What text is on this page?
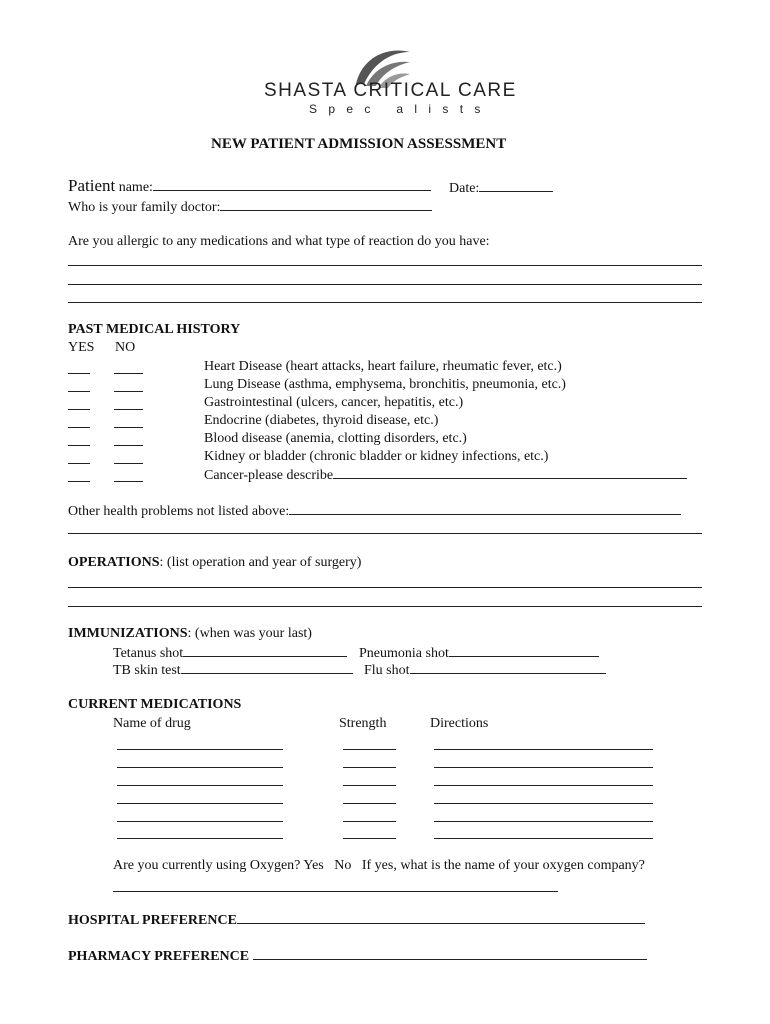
SHASTA CRITICAL CARE
S p e c   a l i s t s
NEW PATIENT ADMISSION ASSESSMENT
Patient name:	Date:
Who is your family doctor:
Are you allergic to any medications and what type of reaction do you have:
PAST MEDICAL HISTORY
YES NO
Heart Disease (heart attacks, heart failure, rheumatic fever, etc.)
Lung Disease (asthma, emphysema, bronchitis, pneumonia, etc.)
Gastrointestinal (ulcers, cancer, hepatitis, etc.)
Endocrine (diabetes, thyroid disease, etc.)
Blood disease (anemia, clotting disorders, etc.)
Kidney or bladder (chronic bladder or kidney infections, etc.)
Cancer-please describe
Other health problems not listed above:
OPERATIONS: (list operation and year of surgery)
IMMUNIZATIONS: (when was your last)
Tetanus shot	Pneumonia shot
TB skin test	Flu shot
CURRENT MEDICATIONS
Name of drug	Strength	Directions
Are you currently using Oxygen? Yes   No   If yes, what is the name of your oxygen company?
HOSPITAL PREFERENCE
PHARMACY PREFERENCE
